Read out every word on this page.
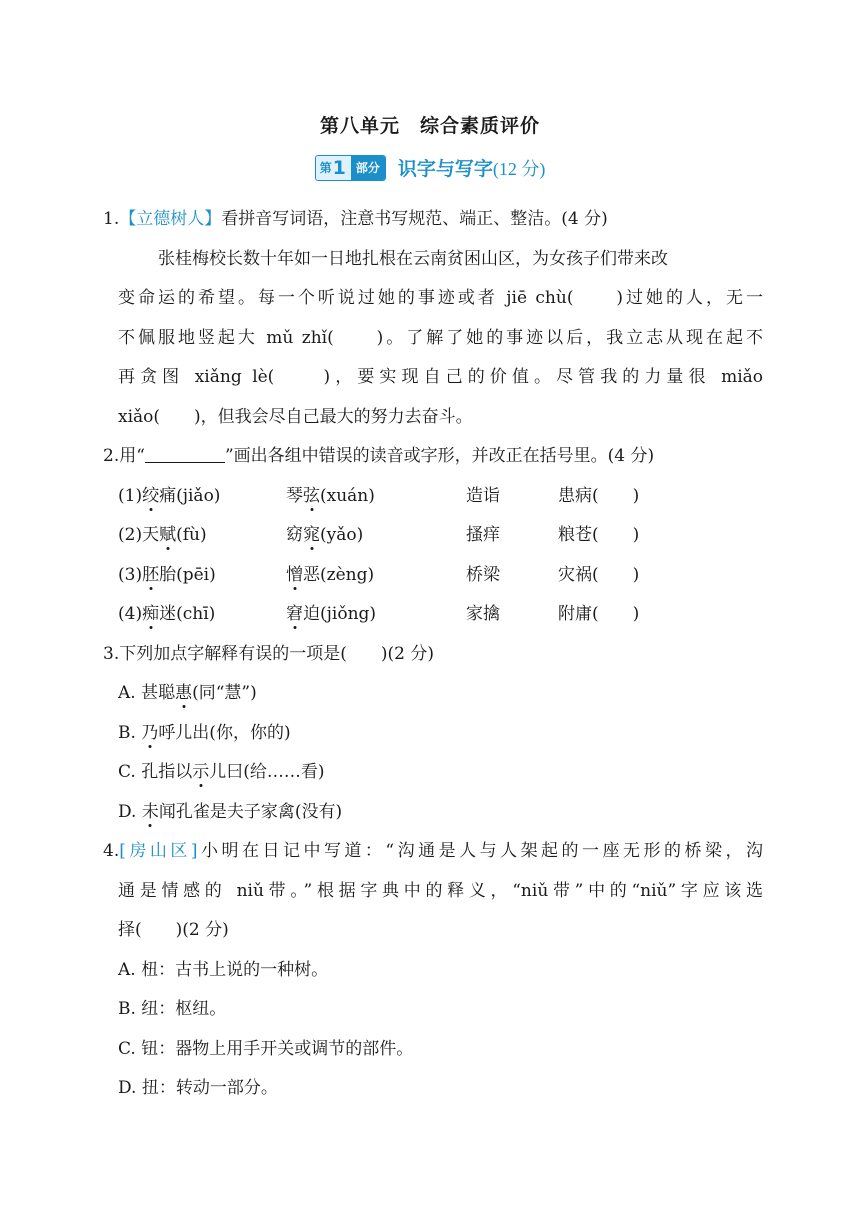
第八单元　综合素质评价
第 1 部分 识字与写字(12 分)
1.【立德树人】看拼音写词语，注意书写规范、端正、整洁。(4 分)
张桂梅校长数十年如一日地扎根在云南贫困山区，为女孩子们带来改
变命运的希望。每一个听说过她的事迹或者 jiē chù(　　)过她的人，无一
不佩服地竖起大 mǔ zhǐ(　　)。了解了她的事迹以后，我立志从现在起不
再贪图 xiǎng lè(　　)，要实现自己的价值。尽管我的力量很 miǎo
xiǎo(　　)，但我会尽自己最大的努力去奋斗。
2.用“	”画出各组中错误的读音或字形，并改正在括号里。(4 分)
(1)绞痛(jiǎo)	琴弦(xuán)	造诣	患病(　　)
(2)天赋(fù)	窈窕(yǎo)	搔痒	粮苍(　　)
(3)胚胎(pēi)	憎恶(zèng)	桥梁	灾祸(　　)
(4)痴迷(chī)	窘迫(jiǒng)	家擒	附庸(　　)
3.下列加点字解释有误的一项是(　　)(2 分)
A. 甚聪惠(同“慧”)
B. 乃呼儿出(你，你的)
C. 孔指以示儿曰(给……看)
D. 未闻孔雀是夫子家禽(没有)
4.[房山区]小明在日记中写道：“沟通是人与人架起的一座无形的桥梁，沟
通是情感的 niǔ带。”根据字典中的释义，“niǔ带”中的“niǔ”字应该选
择(　　)(2 分)
A. 杻：古书上说的一种树。
B. 纽：枢纽。
C. 钮：器物上用手开关或调节的部件。
D. 扭：转动一部分。
